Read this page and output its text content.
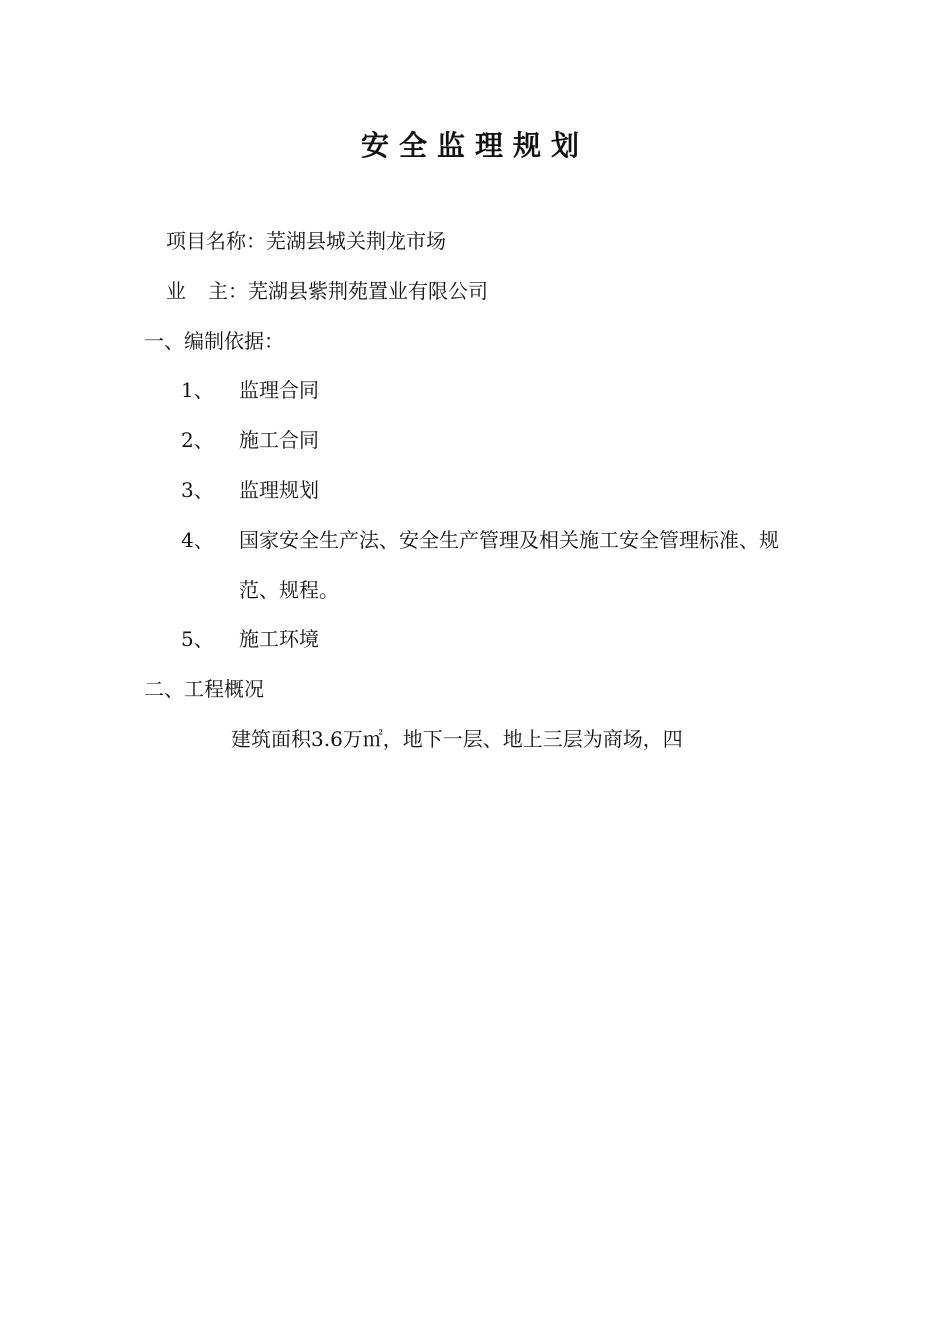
安全监理规划
项目名称：芜湖县城关荆龙市场
业 主：芜湖县紫荆苑置业有限公司
一、编制依据：
1、	监理合同
2、	施工合同
3、	监理规划
4、	国家安全生产法、安全生产管理及相关施工安全管理标准、规
范、规程。
5、	施工环境
二、工程概况
建筑面积3.6万㎡，地下一层、地上三层为商场，四
